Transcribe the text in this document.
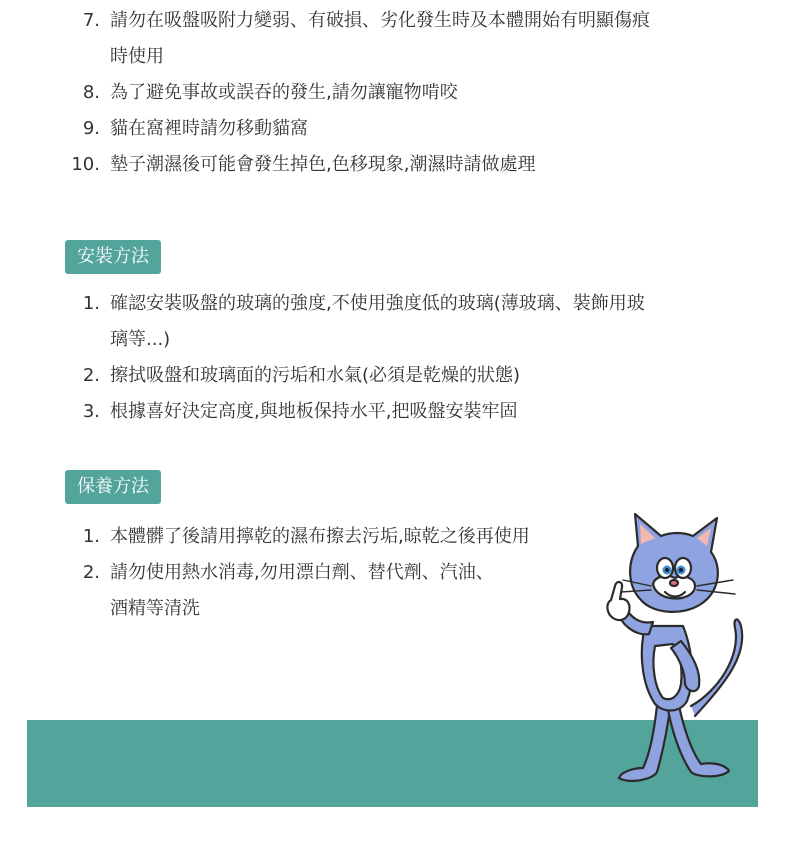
7. 請勿在吸盤吸附力變弱、有破損、劣化發生時及本體開始有明顯傷痕
時使用
8. 為了避免事故或誤吞的發生,請勿讓寵物啃咬
9. 貓在窩裡時請勿移動貓窩
10. 墊子潮濕後可能會發生掉色,色移現象,潮濕時請做處理
安裝方法
1. 確認安裝吸盤的玻璃的強度,不使用強度低的玻璃(薄玻璃、裝飾用玻
璃等...)
2. 擦拭吸盤和玻璃面的污垢和水氣(必須是乾燥的狀態)
3. 根據喜好決定高度,與地板保持水平,把吸盤安裝牢固
保養方法
1. 本體髒了後請用擰乾的濕布擦去污垢,晾乾之後再使用
2. 請勿使用熱水消毒,勿用漂白劑、替代劑、汽油、
酒精等清洗
